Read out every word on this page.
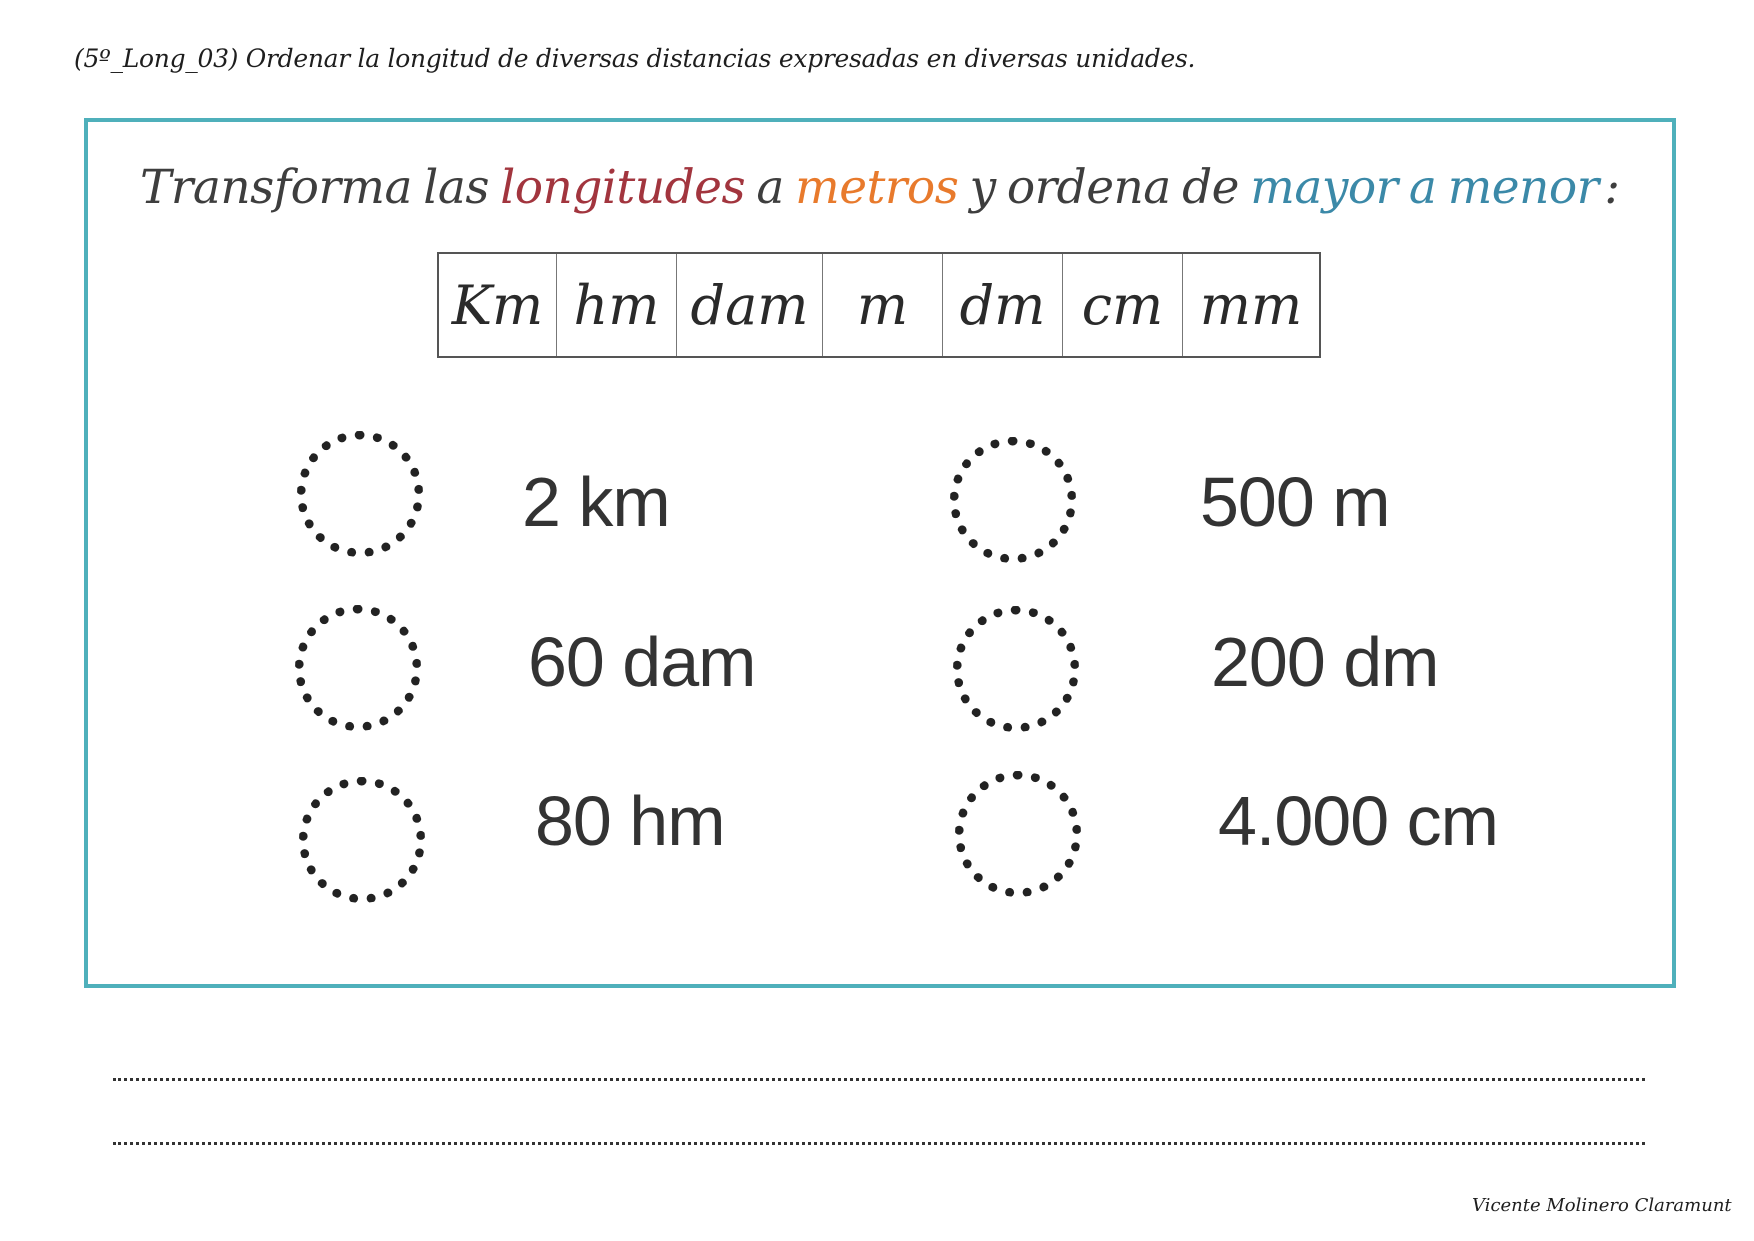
(5º_Long_03) Ordenar la longitud de diversas distancias expresadas en diversas unidades.
Transforma las longitudes a metros y ordena de mayor a menor :
Km hm dam m dm cm mm
2 km
60 dam
80 hm
500 m
200 dm
4.000 cm
Vicente Molinero Claramunt
